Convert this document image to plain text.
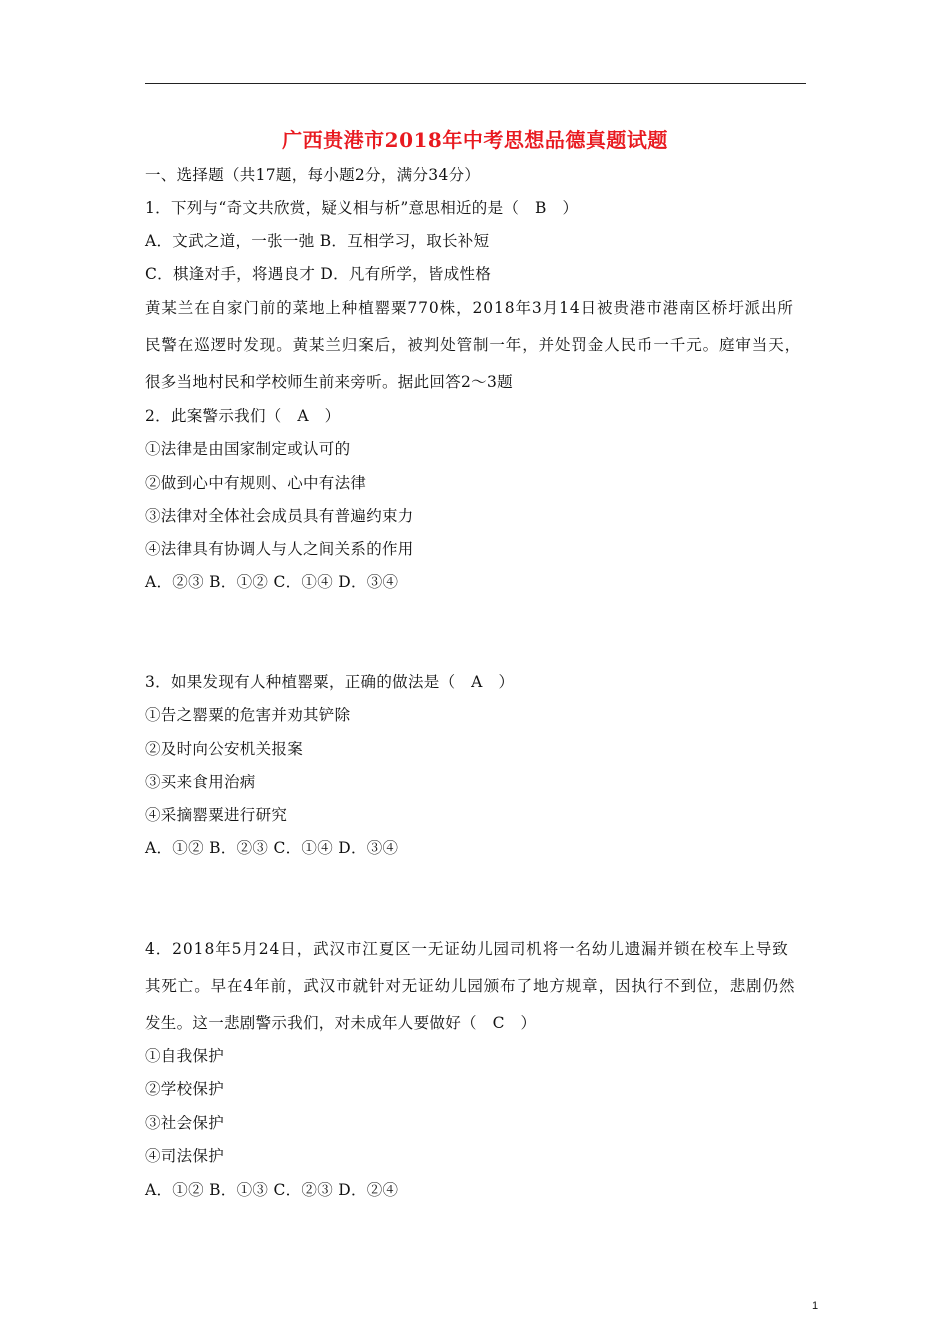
广西贵港市2018年中考思想品德真题试题
一、选择题（共17题，每小题2分，满分34分）
1．下列与“奇文共欣赏，疑义相与析”意思相近的是（　B　）
A．文武之道，一张一弛 B．互相学习，取长补短
C．棋逢对手，将遇良才 D．凡有所学，皆成性格
黄某兰在自家门前的菜地上种植罂粟770株，2018年3月14日被贵港市港南区桥圩派出所
民警在巡逻时发现。黄某兰归案后，被判处管制一年，并处罚金人民币一千元。庭审当天，
很多当地村民和学校师生前来旁听。据此回答2～3题
2．此案警示我们（　A　）
①法律是由国家制定或认可的
②做到心中有规则、心中有法律
③法律对全体社会成员具有普遍约束力
④法律具有协调人与人之间关系的作用
A．②③ B．①② C．①④ D．③④
3．如果发现有人种植罂粟，正确的做法是（　A　）
①告之罂粟的危害并劝其铲除
②及时向公安机关报案
③买来食用治病
④采摘罂粟进行研究
A．①② B．②③ C．①④ D．③④
4．2018年5月24日，武汉市江夏区一无证幼儿园司机将一名幼儿遗漏并锁在校车上导致
其死亡。早在4年前，武汉市就针对无证幼儿园颁布了地方规章，因执行不到位，悲剧仍然
发生。这一悲剧警示我们，对未成年人要做好（　C　）
①自我保护
②学校保护
③社会保护
④司法保护
A．①② B．①③ C．②③ D．②④
1
